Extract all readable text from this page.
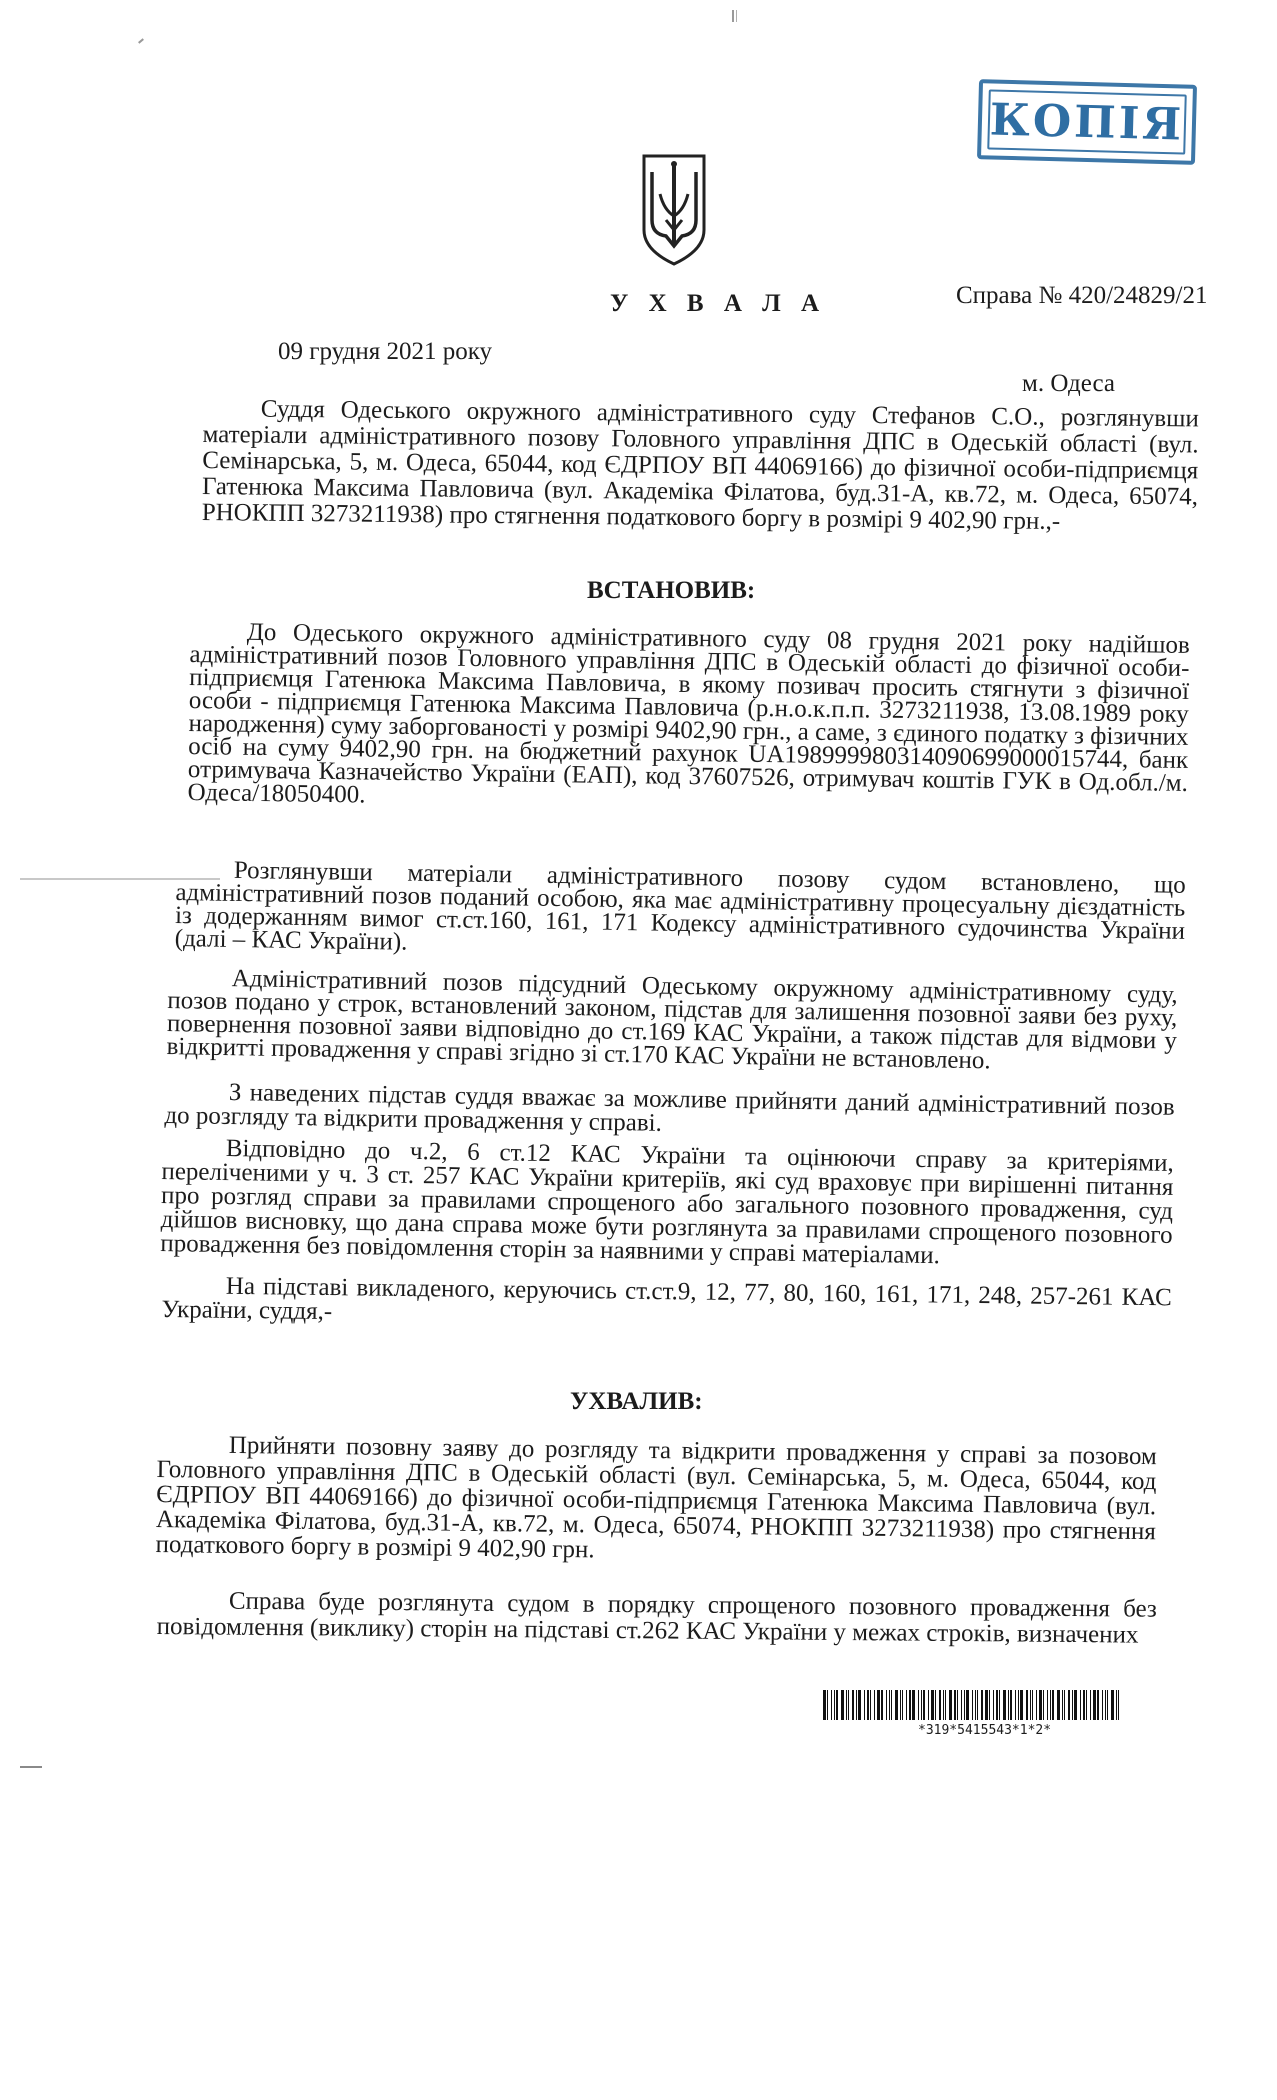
КОПІЯ
У Х В А Л А	Справа № 420/24829/21
09 грудня 2021 року
м. Одеса
Суддя Одеського окружного адміністративного суду Стефанов С.О., розглянувши матеріали адміністративного позову Головного управління ДПС в Одеській області (вул. Семінарська, 5, м. Одеса, 65044, код ЄДРПОУ ВП 44069166) до фізичної особи-підприємця Гатенюка Максима Павловича (вул. Академіка Філатова, буд.31-А, кв.72, м. Одеса, 65074, РНОКПП 3273211938) про стягнення податкового боргу в розмірі 9 402,90 грн.,-
ВСТАНОВИВ:
До Одеського окружного адміністративного суду 08 грудня 2021 року надійшов адміністративний позов Головного управління ДПС в Одеській області до фізичної особи-підприємця Гатенюка Максима Павловича, в якому позивач просить стягнути з фізичної особи - підприємця Гатенюка Максима Павловича (р.н.о.к.п.п. 3273211938, 13.08.1989 року народження) суму заборгованості у розмірі 9402,90 грн., а саме, з єдиного податку з фізичних осіб на суму 9402,90 грн. на бюджетний рахунок UA198999980314090699000015744, банк отримувача Казначейство України (ЕАП), код 37607526, отримувач коштів ГУК в Од.обл./м. Одеса/18050400.
Розглянувши матеріали адміністративного позову судом встановлено, що адміністративний позов поданий особою, яка має адміністративну процесуальну дієздатність із додержанням вимог ст.ст.160, 161, 171 Кодексу адміністративного судочинства України (далі – КАС України).
Адміністративний позов підсудний Одеському окружному адміністративному суду, позов подано у строк, встановлений законом, підстав для залишення позовної заяви без руху, повернення позовної заяви відповідно до ст.169 КАС України, а також підстав для відмови у відкритті провадження у справі згідно зі ст.170 КАС України не встановлено.
З наведених підстав суддя вважає за можливе прийняти даний адміністративний позов до розгляду та відкрити провадження у справі.
Відповідно до ч.2, 6 ст.12 КАС України та оцінюючи справу за критеріями, переліченими у ч. 3 ст. 257 КАС України критеріїв, які суд враховує при вирішенні питання про розгляд справи за правилами спрощеного або загального позовного провадження, суд дійшов висновку, що дана справа може бути розглянута за правилами спрощеного позовного провадження без повідомлення сторін за наявними у справі матеріалами.
На підставі викладеного, керуючись ст.ст.9, 12, 77, 80, 160, 161, 171, 248, 257-261 КАС України, суддя,-
УХВАЛИВ:
Прийняти позовну заяву до розгляду та відкрити провадження у справі за позовом Головного управління ДПС в Одеській області (вул. Семінарська, 5, м. Одеса, 65044, код ЄДРПОУ ВП 44069166) до фізичної особи-підприємця Гатенюка Максима Павловича (вул. Академіка Філатова, буд.31-А, кв.72, м. Одеса, 65074, РНОКПП 3273211938) про стягнення податкового боргу в розмірі 9 402,90 грн.
Справа буде розглянута судом в порядку спрощеного позовного провадження без повідомлення (виклику) сторін на підставі ст.262 КАС України у межах строків, визначених
*319*5415543*1*2*
